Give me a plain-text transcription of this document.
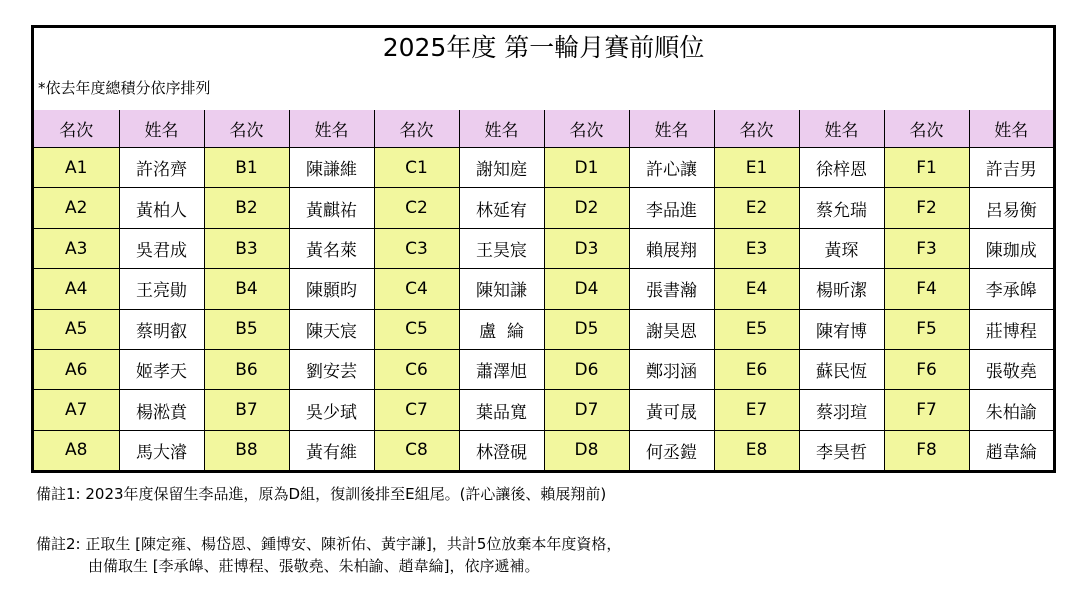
2025年度 第一輪月賽前順位
*依去年度總積分依序排列
名次	姓名	名次	姓名	名次	姓名	名次	姓名	名次	姓名	名次	姓名
A1	許洺齊	B1	陳謙維	C1	謝知庭	D1	許心讓	E1	徐梓恩	F1	許吉男
A2	黃柏人	B2	黃麒祐	C2	林延宥	D2	李品進	E2	蔡允瑞	F2	呂易衡
A3	吳君成	B3	黃名萊	C3	王昊宸	D3	賴展翔	E3	黃琛	F3	陳珈成
A4	王亮勛	B4	陳顥昀	C4	陳知謙	D4	張書瀚	E4	楊昕潔	F4	李承皞
A5	蔡明叡	B5	陳天宸	C5	盧  綸	D5	謝昊恩	E5	陳宥博	F5	莊博程
A6	姬孝天	B6	劉安芸	C6	蕭澤旭	D6	鄭羽涵	E6	蘇民恆	F6	張敬堯
A7	楊淞賁	B7	吳少珷	C7	葉品寬	D7	黃可晟	E7	蔡羽瑄	F7	朱柏諭
A8	馬大濬	B8	黃有維	C8	林澄硯	D8	何丞鎧	E8	李昊哲	F8	趙韋綸
備註1: 2023年度保留生李品進，原為D組，復訓後排至E組尾。(許心讓後、賴展翔前)
備註2: 正取生 [陳定雍、楊岱恩、鍾博安、陳祈佑、黃宇謙]，共計5位放棄本年度資格，
由備取生 [李承皞、莊博程、張敬堯、朱柏諭、趙韋綸]，依序遞補。
